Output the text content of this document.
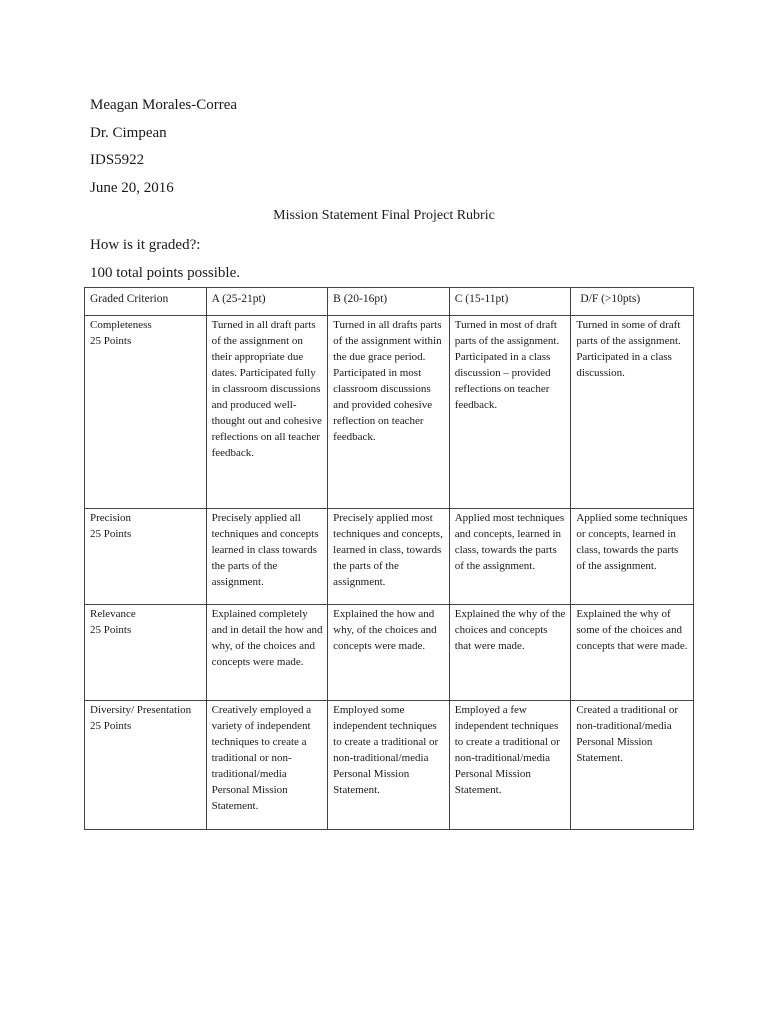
Meagan Morales-Correa
Dr. Cimpean
IDS5922
June 20, 2016
Mission Statement Final Project Rubric
How is it graded?:
100 total points possible.
Graded Criterion	A (25-21pt)	B (20-16pt)	C (15-11pt)	D/F (>10pts)

Completeness
25 Points	Turned in all draft parts of the assignment on their appropriate due dates. Participated fully in classroom discussions and produced well-thought out and cohesive reflections on all teacher feedback.	Turned in all drafts parts of the assignment within the due grace period. Participated in most classroom discussions and provided cohesive reflection on teacher feedback.	Turned in most of draft parts of the assignment. Participated in a class discussion – provided reflections on teacher feedback.	Turned in some of draft parts of the assignment. Participated in a class discussion.

Precision
25 Points	Precisely applied all techniques and concepts learned in class towards the parts of the assignment.	Precisely applied most techniques and concepts, learned in class, towards the parts of the assignment.	Applied most techniques and concepts, learned in class, towards the parts of the assignment.	Applied some techniques or concepts, learned in class, towards the parts of the assignment.

Relevance
25 Points	Explained completely and in detail the how and why, of the choices and concepts were made.	Explained the how and why, of the choices and concepts were made.	Explained the why of the choices and concepts that were made.	Explained the why of some of the choices and concepts that were made.

Diversity/ Presentation
25 Points	Creatively employed a variety of independent techniques to create a traditional or non-traditional/media Personal Mission Statement.	Employed some independent techniques to create a traditional or non-traditional/media Personal Mission Statement.	Employed a few independent techniques to create a traditional or non-traditional/media Personal Mission Statement.	Created a traditional or non-traditional/media Personal Mission Statement.
